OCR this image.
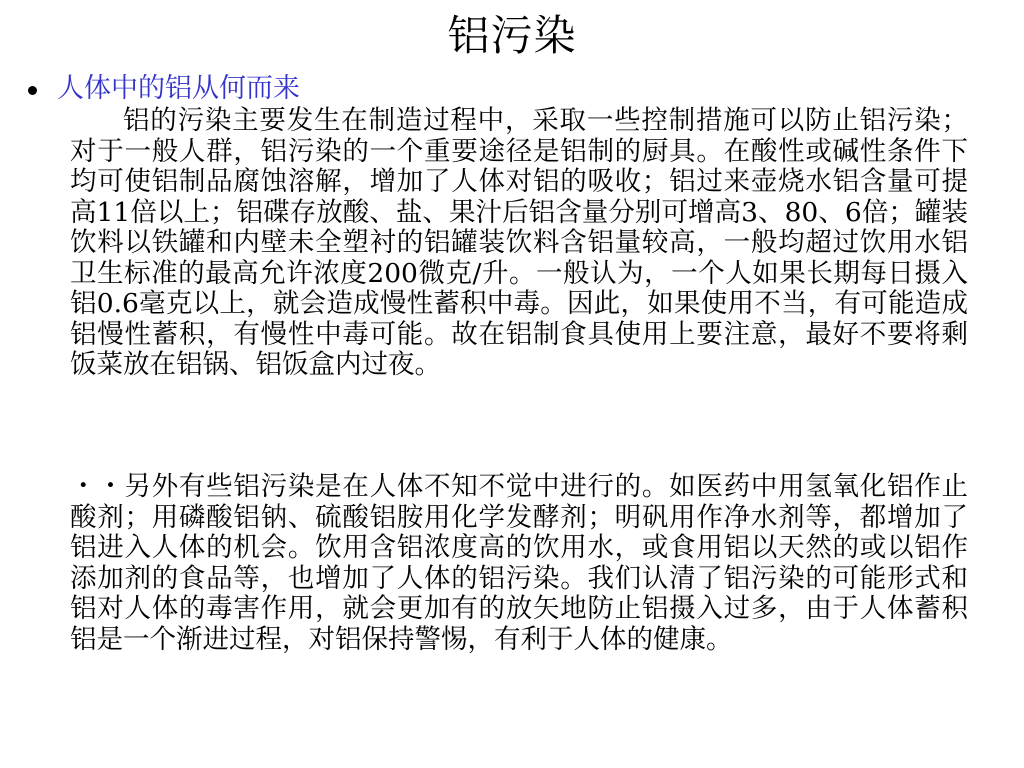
铝污染
人体中的铝从何而来

铝的污染主要发生在制造过程中，采取一些控制措施可以防止铝污染；对于一般人群，铝污染的一个重要途径是铝制的厨具。在酸性或碱性条件下均可使铝制品腐蚀溶解，增加了人体对铝的吸收；铝过来壶烧水铝含量可提高11倍以上；铝碟存放酸、盐、果汁后铝含量分别可增高3、80、6倍；罐装饮料以铁罐和内壁未全塑衬的铝罐装饮料含铝量较高，一般均超过饮用水铝卫生标准的最高允许浓度200微克/升。一般认为，一个人如果长期每日摄入铝0.6毫克以上，就会造成慢性蓄积中毒。因此，如果使用不当，有可能造成铝慢性蓄积，有慢性中毒可能。故在铝制食具使用上要注意，最好不要将剩饭菜放在铝锅、铝饭盒内过夜。

・・另外有些铝污染是在人体不知不觉中进行的。如医药中用氢氧化铝作止酸剂；用磷酸铝钠、硫酸铝胺用化学发酵剂；明矾用作净水剂等，都增加了铝进入人体的机会。饮用含铝浓度高的饮用水，或食用铝以天然的或以铝作添加剂的食品等，也增加了人体的铝污染。我们认清了铝污染的可能形式和铝对人体的毒害作用，就会更加有的放矢地防止铝摄入过多，由于人体蓄积铝是一个渐进过程，对铝保持警惕，有利于人体的健康。
